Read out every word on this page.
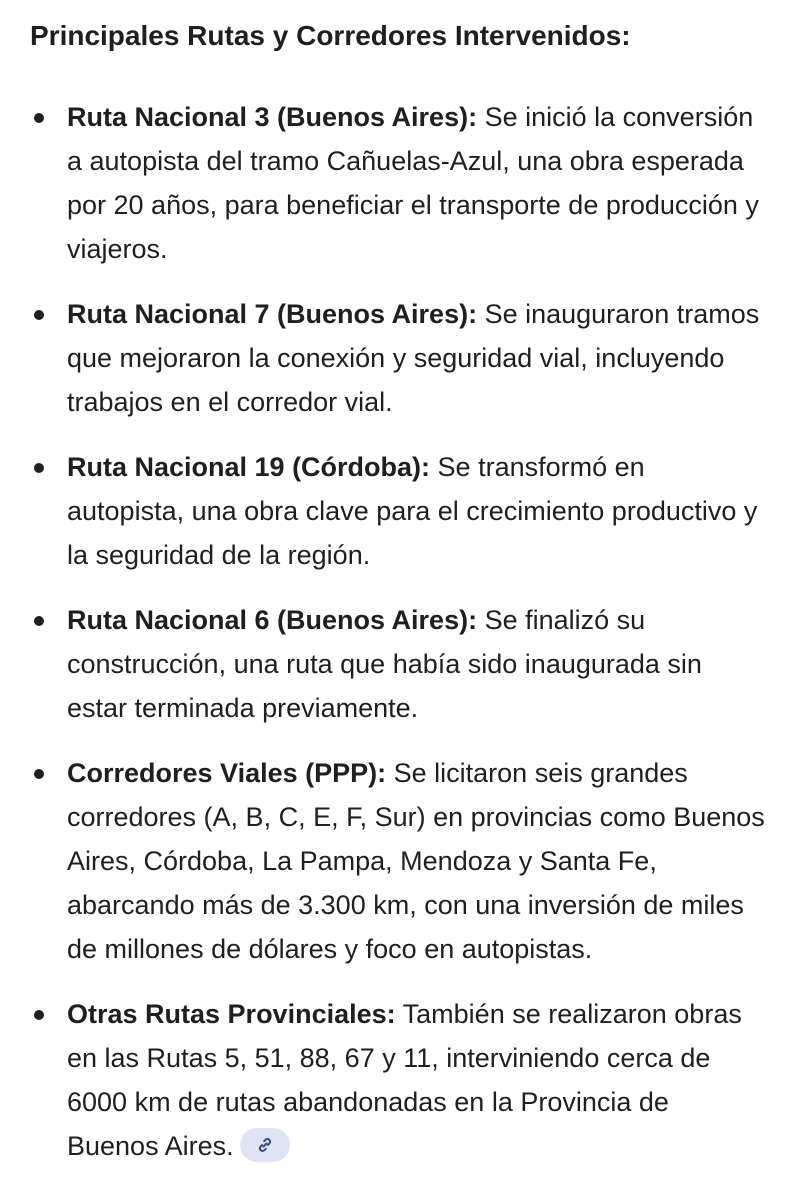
Principales Rutas y Corredores Intervenidos:
Ruta Nacional 3 (Buenos Aires): Se inició la conversión a autopista del tramo Cañuelas-Azul, una obra esperada por 20 años, para beneficiar el transporte de producción y viajeros.
Ruta Nacional 7 (Buenos Aires): Se inauguraron tramos que mejoraron la conexión y seguridad vial, incluyendo trabajos en el corredor vial.
Ruta Nacional 19 (Córdoba): Se transformó en autopista, una obra clave para el crecimiento productivo y la seguridad de la región.
Ruta Nacional 6 (Buenos Aires): Se finalizó su construcción, una ruta que había sido inaugurada sin estar terminada previamente.
Corredores Viales (PPP): Se licitaron seis grandes corredores (A, B, C, E, F, Sur) en provincias como Buenos Aires, Córdoba, La Pampa, Mendoza y Santa Fe, abarcando más de 3.300 km, con una inversión de miles de millones de dólares y foco en autopistas.
Otras Rutas Provinciales: También se realizaron obras en las Rutas 5, 51, 88, 67 y 11, interviniendo cerca de 6000 km de rutas abandonadas en la Provincia de Buenos Aires.
